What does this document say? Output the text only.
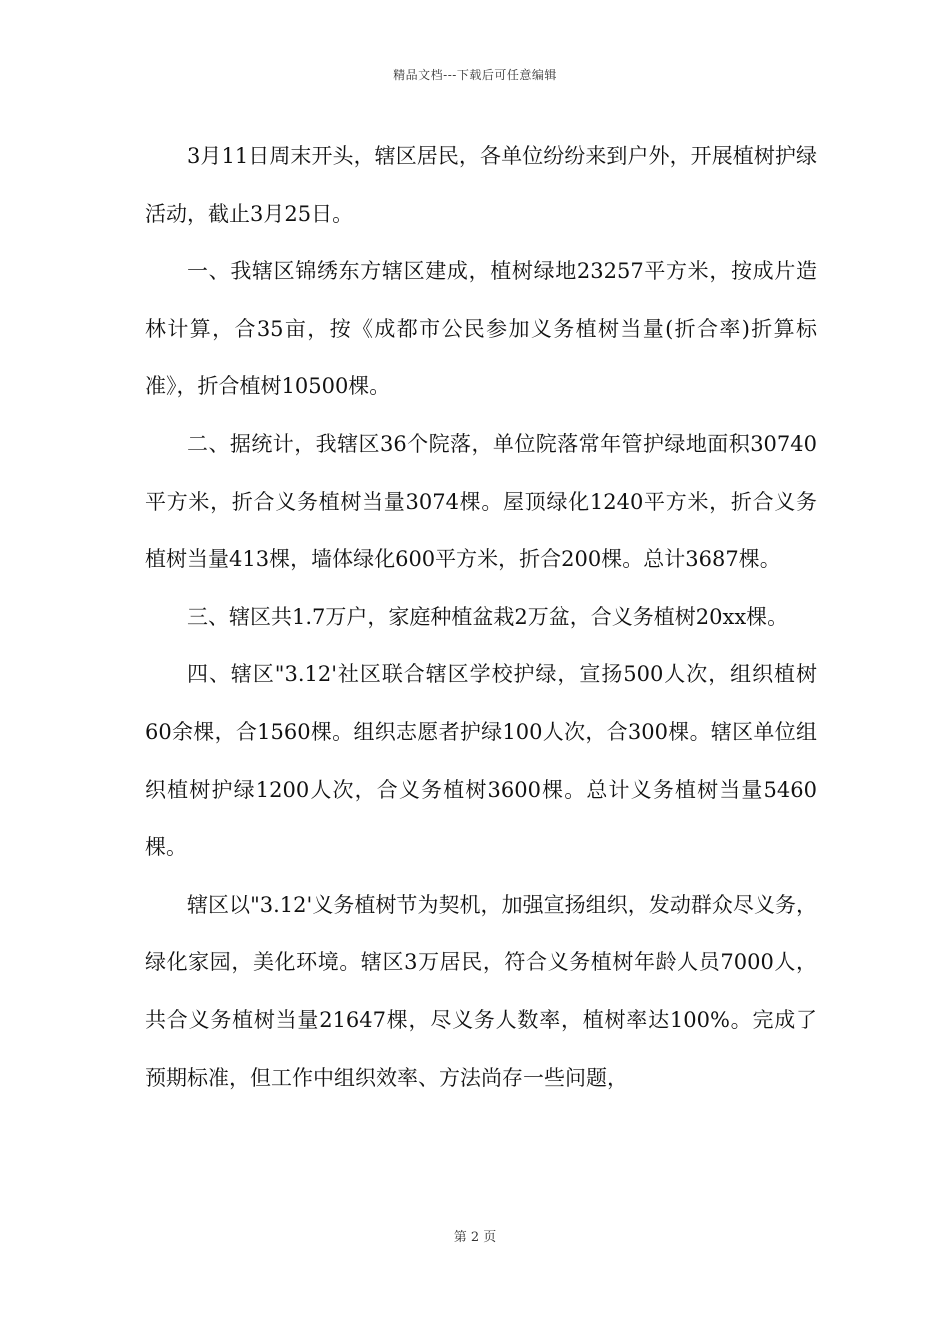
精品文档---下载后可任意编辑

3月11日周末开头，辖区居民，各单位纷纷来到户外，开展植树护绿活动，截止3月25日。

一、我辖区锦绣东方辖区建成，植树绿地23257平方米，按成片造林计算，合35亩，按《成都市公民参加义务植树当量(折合率)折算标准》，折合植树10500棵。

二、据统计，我辖区36个院落，单位院落常年管护绿地面积30740平方米，折合义务植树当量3074棵。屋顶绿化1240平方米，折合义务植树当量413棵，墙体绿化600平方米，折合200棵。总计3687棵。

三、辖区共1.7万户，家庭种植盆栽2万盆，合义务植树20xx棵。

四、辖区"3.12'社区联合辖区学校护绿，宣扬500人次，组织植树60余棵，合1560棵。组织志愿者护绿100人次，合300棵。辖区单位组织植树护绿1200人次，合义务植树3600棵。总计义务植树当量5460棵。

辖区以"3.12'义务植树节为契机，加强宣扬组织，发动群众尽义务，绿化家园，美化环境。辖区3万居民，符合义务植树年龄人员7000人，共合义务植树当量21647棵，尽义务人数率，植树率达100%。完成了预期标准，但工作中组织效率、方法尚存一些问题，

第 2 页
